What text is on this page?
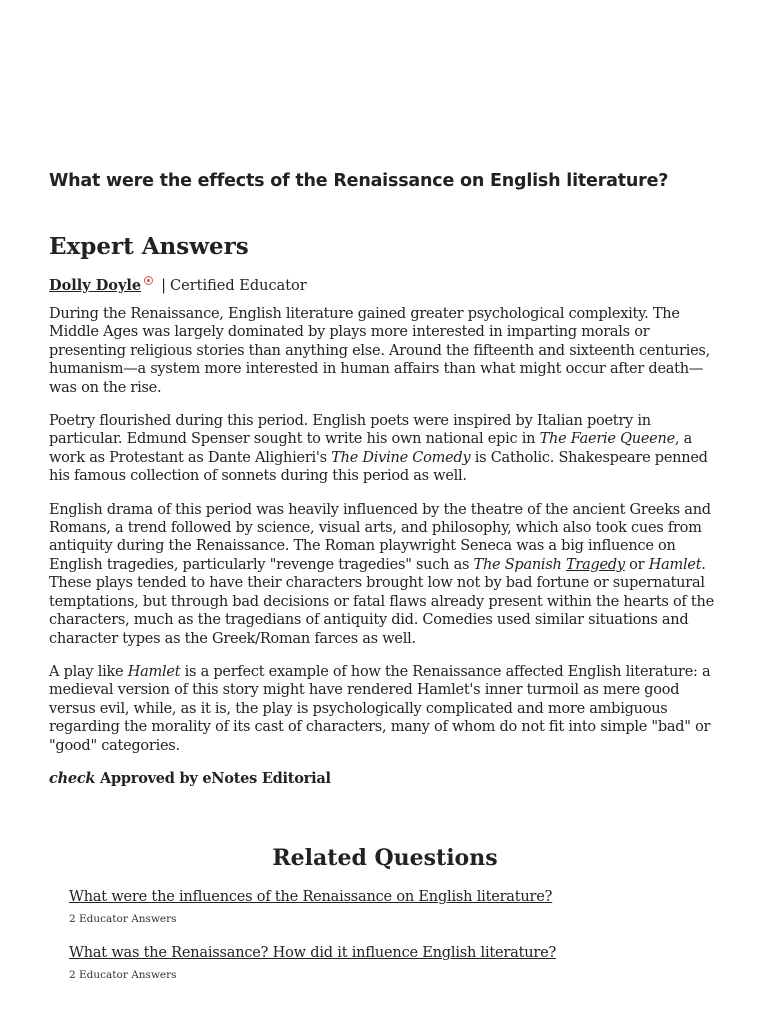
What were the effects of the Renaissance on English literature?
Expert Answers
Dolly Doyle | Certified Educator

During the Renaissance, English literature gained greater psychological complexity. The Middle Ages was largely dominated by plays more interested in imparting morals or presenting religious stories than anything else. Around the fifteenth and sixteenth centuries, humanism—a system more interested in human affairs than what might occur after death—was on the rise.

Poetry flourished during this period. English poets were inspired by Italian poetry in particular. Edmund Spenser sought to write his own national epic in The Faerie Queene, a work as Protestant as Dante Alighieri's The Divine Comedy is Catholic. Shakespeare penned his famous collection of sonnets during this period as well.

English drama of this period was heavily influenced by the theatre of the ancient Greeks and Romans, a trend followed by science, visual arts, and philosophy, which also took cues from antiquity during the Renaissance. The Roman playwright Seneca was a big influence on English tragedies, particularly "revenge tragedies" such as The Spanish Tragedy or Hamlet. These plays tended to have their characters brought low not by bad fortune or supernatural temptations, but through bad decisions or fatal flaws already present within the hearts of the characters, much as the tragedians of antiquity did. Comedies used similar situations and character types as the Greek/Roman farces as well.

A play like Hamlet is a perfect example of how the Renaissance affected English literature: a medieval version of this story might have rendered Hamlet's inner turmoil as mere good versus evil, while, as it is, the play is psychologically complicated and more ambiguous regarding the morality of its cast of characters, many of whom do not fit into simple "bad" or "good" categories.

check Approved by eNotes Editorial
Related Questions
What were the influences of the Renaissance on English literature?
2 Educator Answers
What was the Renaissance? How did it influence English literature?
2 Educator Answers
